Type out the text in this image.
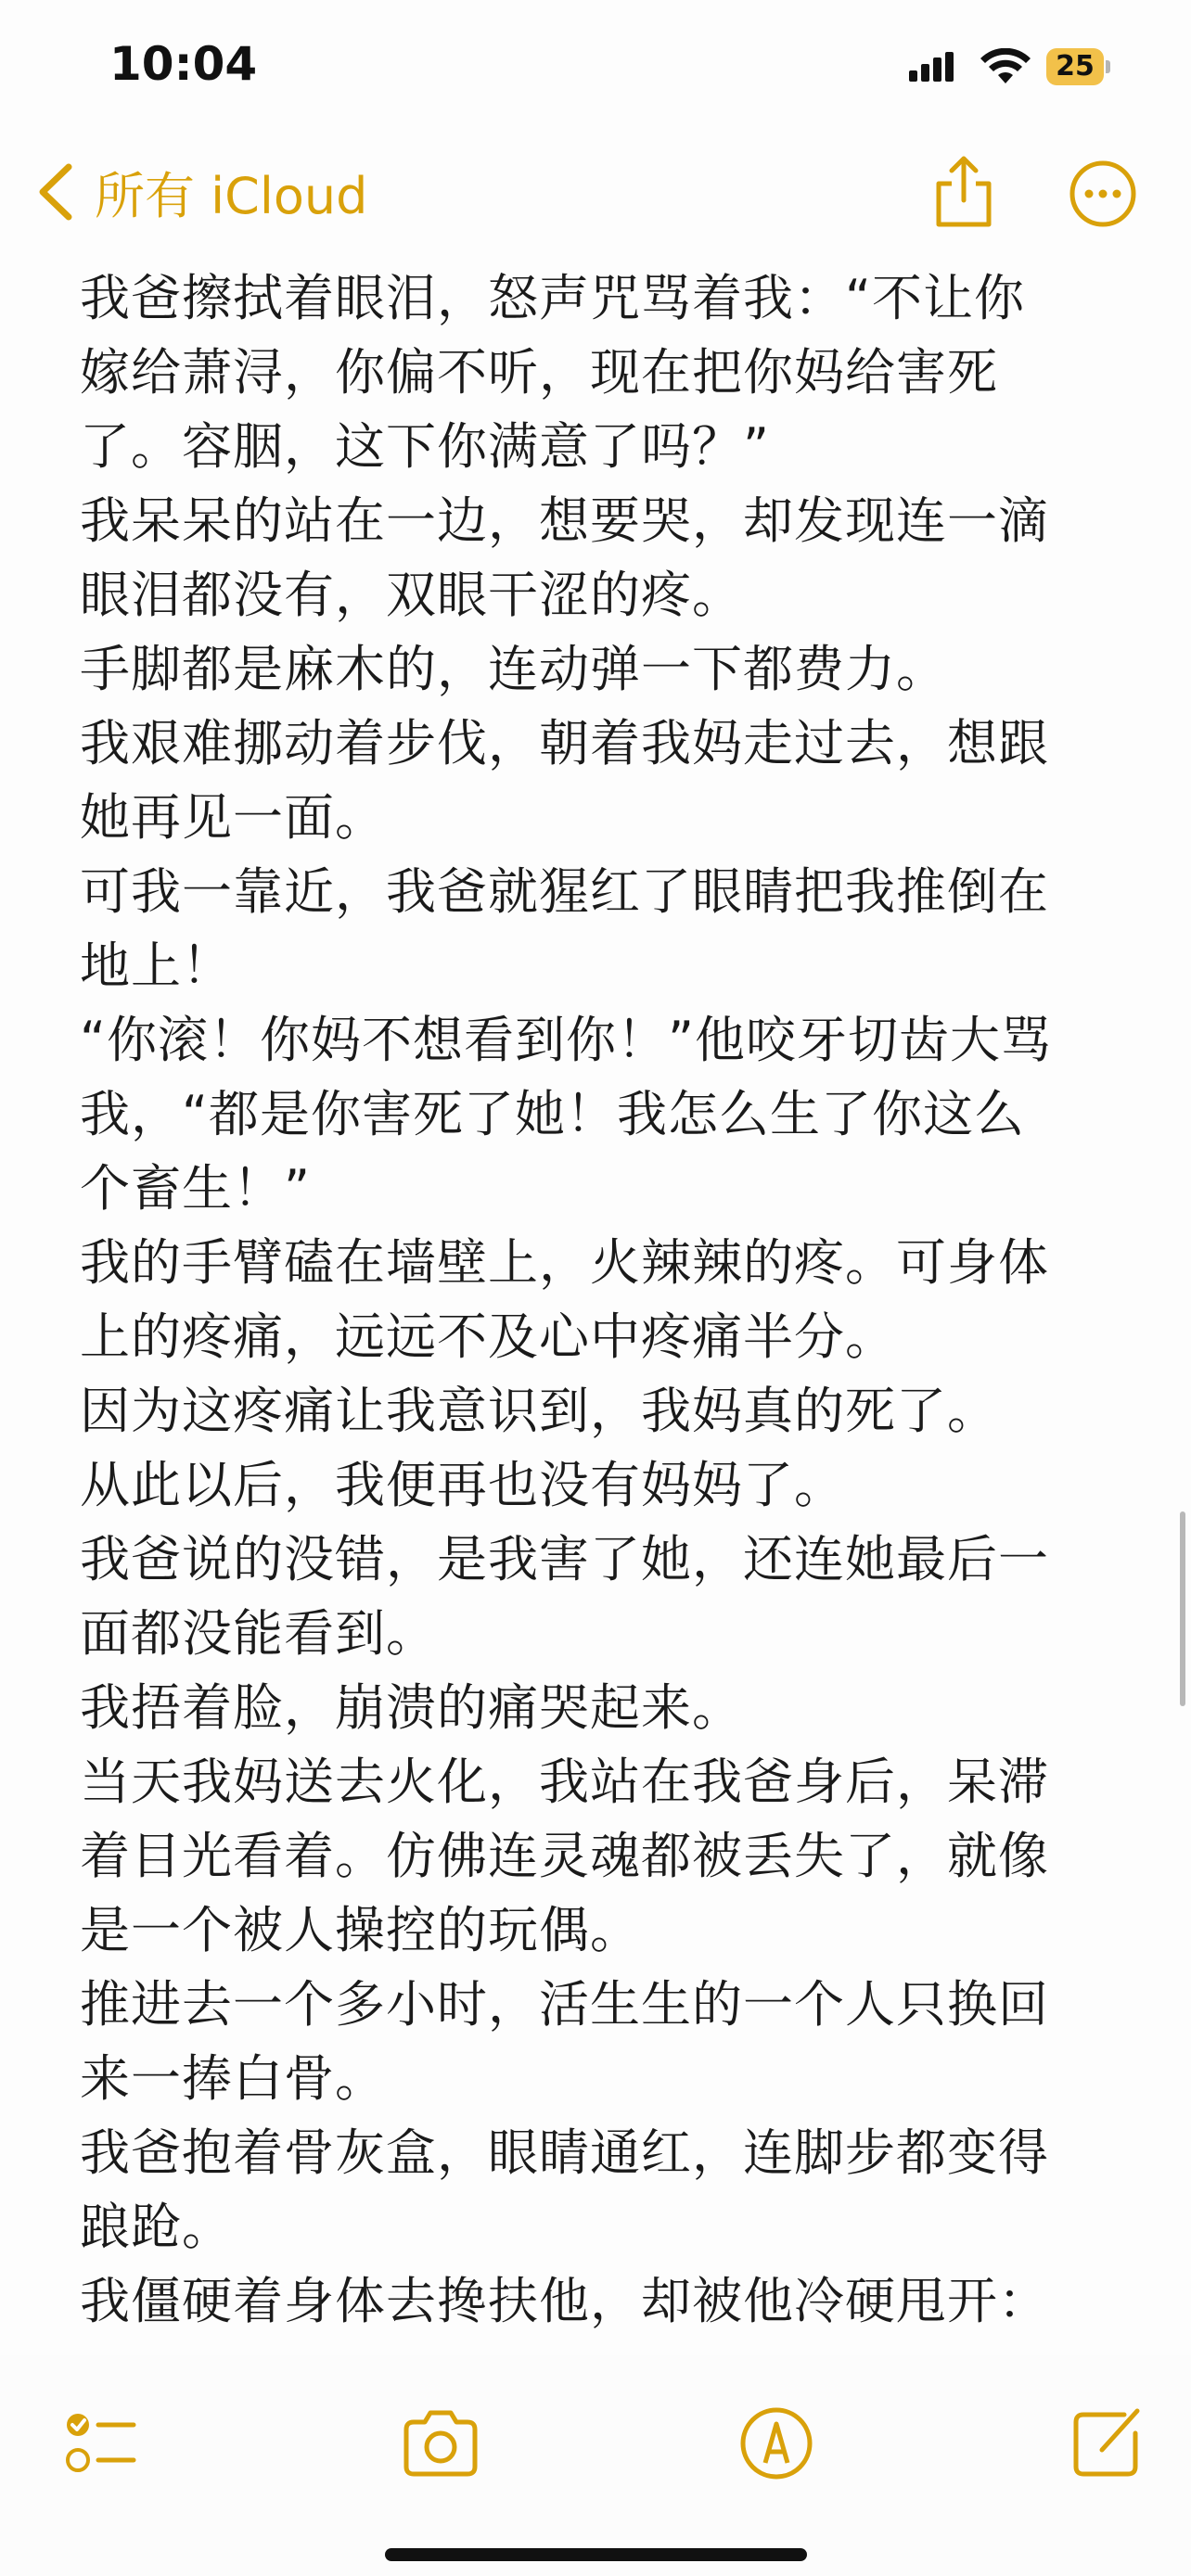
10:04	25
所有 iCloud

我爸擦拭着眼泪，怒声咒骂着我：“不让你

嫁给萧浔，你偏不听，现在把你妈给害死

了。容胭，这下你满意了吗？”

我呆呆的站在一边，想要哭，却发现连一滴

眼泪都没有，双眼干涩的疼。

手脚都是麻木的，连动弹一下都费力。

我艰难挪动着步伐，朝着我妈走过去，想跟

她再见一面。

可我一靠近，我爸就猩红了眼睛把我推倒在

地上！

“你滚！你妈不想看到你！”他咬牙切齿大骂

我，“都是你害死了她！我怎么生了你这么

个畜生！”

我的手臂磕在墙壁上，火辣辣的疼。可身体

上的疼痛，远远不及心中疼痛半分。

因为这疼痛让我意识到，我妈真的死了。

从此以后，我便再也没有妈妈了。

我爸说的没错，是我害了她，还连她最后一

面都没能看到。

我捂着脸，崩溃的痛哭起来。

当天我妈送去火化，我站在我爸身后，呆滞

着目光看着。仿佛连灵魂都被丢失了，就像

是一个被人操控的玩偶。

推进去一个多小时，活生生的一个人只换回

来一捧白骨。

我爸抱着骨灰盒，眼睛通红，连脚步都变得

踉跄。

我僵硬着身体去搀扶他，却被他冷硬甩开：
